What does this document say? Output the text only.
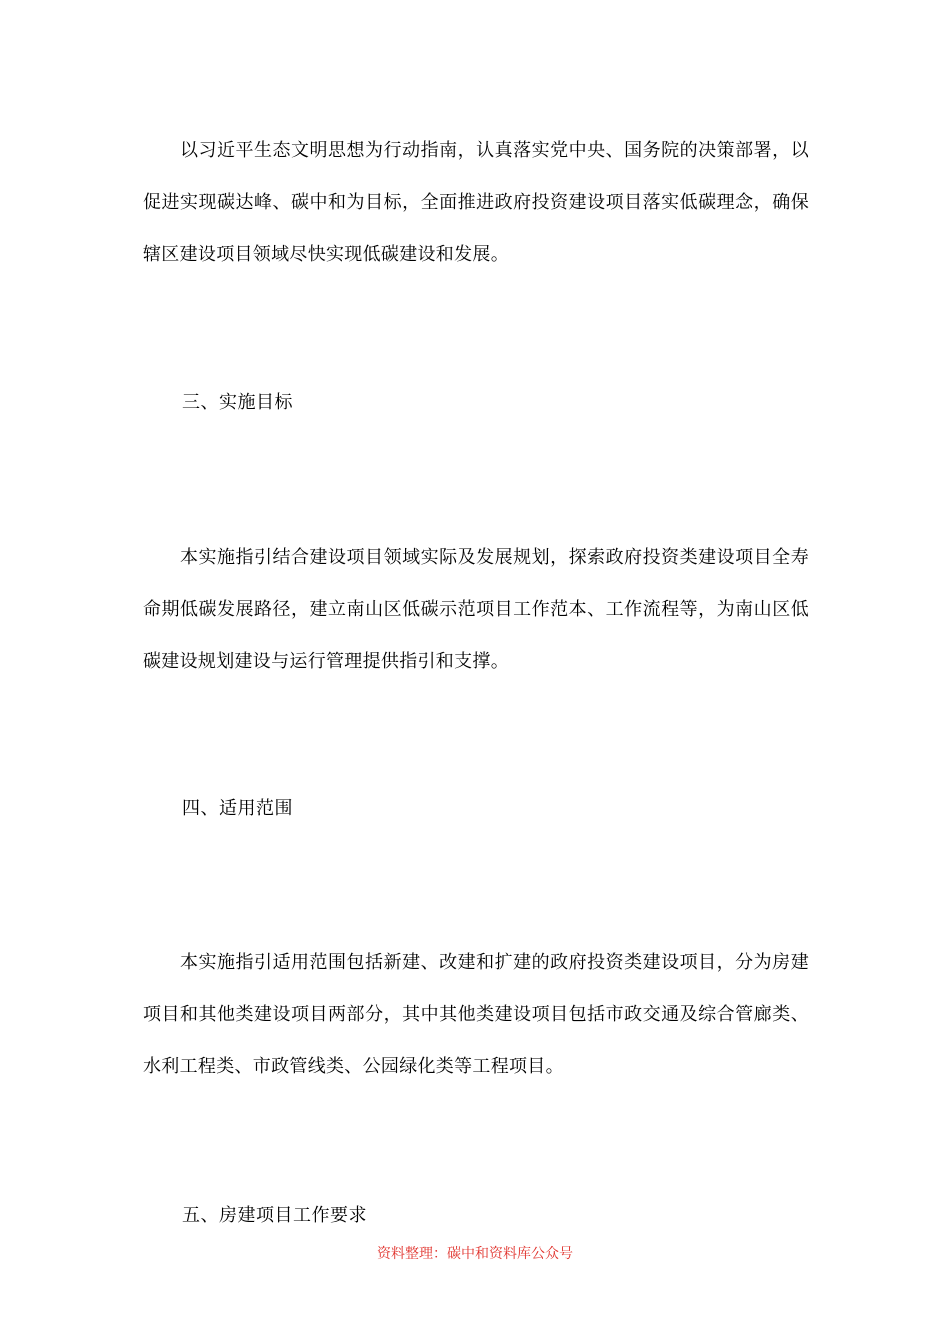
以习近平生态文明思想为行动指南，认真落实党中央、国务院的决策部署，以促进实现碳达峰、碳中和为目标，全面推进政府投资建设项目落实低碳理念，确保辖区建设项目领域尽快实现低碳建设和发展。

三、实施目标

本实施指引结合建设项目领域实际及发展规划，探索政府投资类建设项目全寿命期低碳发展路径，建立南山区低碳示范项目工作范本、工作流程等，为南山区低碳建设规划建设与运行管理提供指引和支撑。

四、适用范围

本实施指引适用范围包括新建、改建和扩建的政府投资类建设项目，分为房建项目和其他类建设项目两部分，其中其他类建设项目包括市政交通及综合管廊类、水利工程类、市政管线类、公园绿化类等工程项目。

五、房建项目工作要求

资料整理：碳中和资料库公众号
